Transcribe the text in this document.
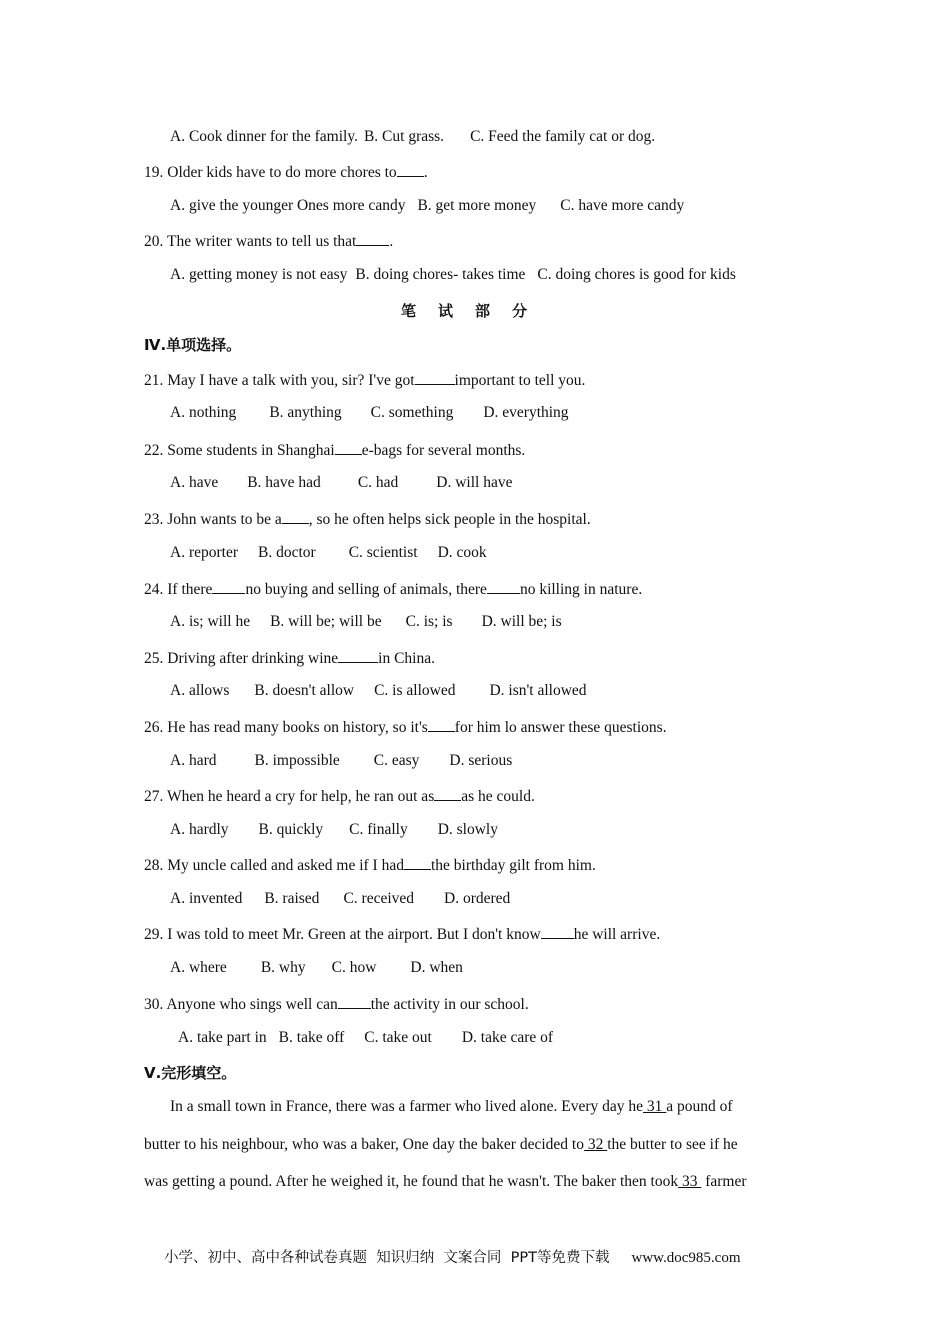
A. Cook dinner for the family. B. Cut grass. C. Feed the family cat or dog.
19. Older kids have to do more chores to .
A. give the younger Ones more candy B. get more money C. have more candy
20. The writer wants to tell us that .
A. getting money is not easy B. doing chores- takes time C. doing chores is good for kids
笔试部分
Ⅳ.单项选择。
21. May I have a talk with you, sir? I've got	important to tell you.
A. nothing B. anything C. something D. everything
22. Some students in Shanghai e-bags for several months.
A. have B. have had C. had D. will have
23. John wants to be a , so he often helps sick people in the hospital.
A. reporter B. doctor C. scientist D. cook
24. If there no buying and selling of animals, there no killing in nature.
A. is; will he B. will be; will be C. is; is D. will be; is
25. Driving after drinking wine	in China.
A. allows B. doesn't allow C. is allowed D. isn't allowed
26. He has read many books on history, so it's for him lo answer these questions.
A. hard B. impossible C. easy D. serious
27. When he heard a cry for help, he ran out as as he could.
A. hardly B. quickly C. finally D. slowly
28. My uncle called and asked me if I had the birthday gilt from him.
A. invented B. raised C. received D. ordered
29. I was told to meet Mr. Green at the airport. But I don't know he will arrive.
A. where B. why C. how D. when
30. Anyone who sings well can the activity in our school.
A. take part in B. take off C. take out D. take care of
Ⅴ.完形填空。
In a small town in France, there was a farmer who lived alone. Every day he 31 a pound of
butter to his neighbour, who was a baker, One day the baker decided to 32 the butter to see if he
was getting a pound. After he weighed it, he found that he wasn't. The baker then took 33  farmer
小学、初中、高中各种试卷真题  知识归纳  文案合同  PPT等免费下载 www.doc985.com
